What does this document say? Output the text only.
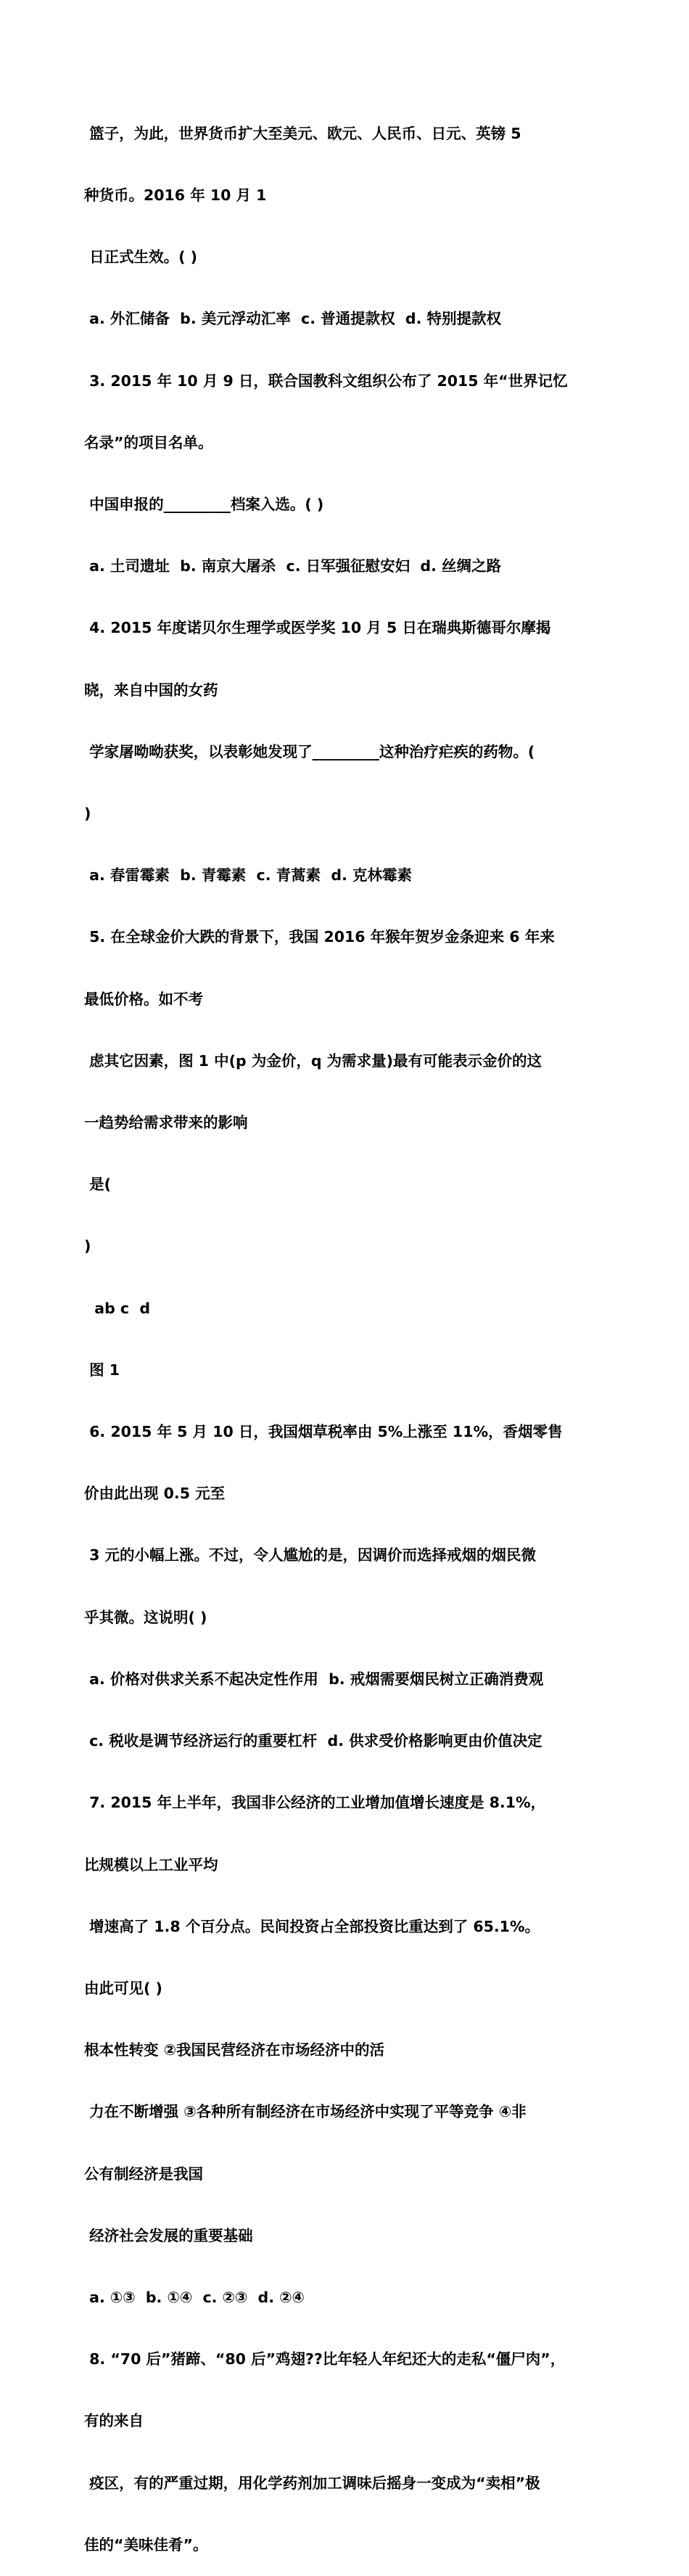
篮子，为此，世界货币扩大至美元、欧元、人民币、日元、英镑 5

种货币。2016 年 10 月 1

日正式生效。( )

a. 外汇储备  b. 美元浮动汇率  c. 普通提款权  d. 特别提款权

3. 2015 年 10 月 9 日，联合国教科文组织公布了 2015 年“世界记忆

名录”的项目名单。

中国申报的_________档案入选。( )

a. 土司遗址  b. 南京大屠杀  c. 日军强征慰安妇  d. 丝绸之路

4. 2015 年度诺贝尔生理学或医学奖 10 月 5 日在瑞典斯德哥尔摩揭

晓，来自中国的女药

学家屠呦呦获奖，以表彰她发现了_________这种治疗疟疾的药物。(

)

a. 春雷霉素  b. 青霉素  c. 青蒿素  d. 克林霉素

5. 在全球金价大跌的背景下，我国 2016 年猴年贺岁金条迎来 6 年来

最低价格。如不考

虑其它因素，图 1 中(p 为金价，q 为需求量)最有可能表示金价的这

一趋势给需求带来的影响

是(

)

ab c  d

图 1

6. 2015 年 5 月 10 日，我国烟草税率由 5%上涨至 11%，香烟零售

价由此出现 0.5 元至

3 元的小幅上涨。不过，令人尴尬的是，因调价而选择戒烟的烟民微

乎其微。这说明( )

a. 价格对供求关系不起决定性作用  b. 戒烟需要烟民树立正确消费观

c. 税收是调节经济运行的重要杠杆  d. 供求受价格影响更由价值决定

7. 2015 年上半年，我国非公经济的工业增加值增长速度是 8.1%，

比规模以上工业平均

增速高了 1.8 个百分点。民间投资占全部投资比重达到了 65.1%。

由此可见( )

根本性转变 ②我国民营经济在市场经济中的活

力在不断增强 ③各种所有制经济在市场经济中实现了平等竞争 ④非

公有制经济是我国

经济社会发展的重要基础

a. ①③  b. ①④  c. ②③  d. ②④

8. “70 后”猪蹄、“80 后”鸡翅??比年轻人年纪还大的走私“僵尸肉”，

有的来自

疫区，有的严重过期，用化学药剂加工调味后摇身一变成为“卖相”极

佳的“美味佳肴”。
